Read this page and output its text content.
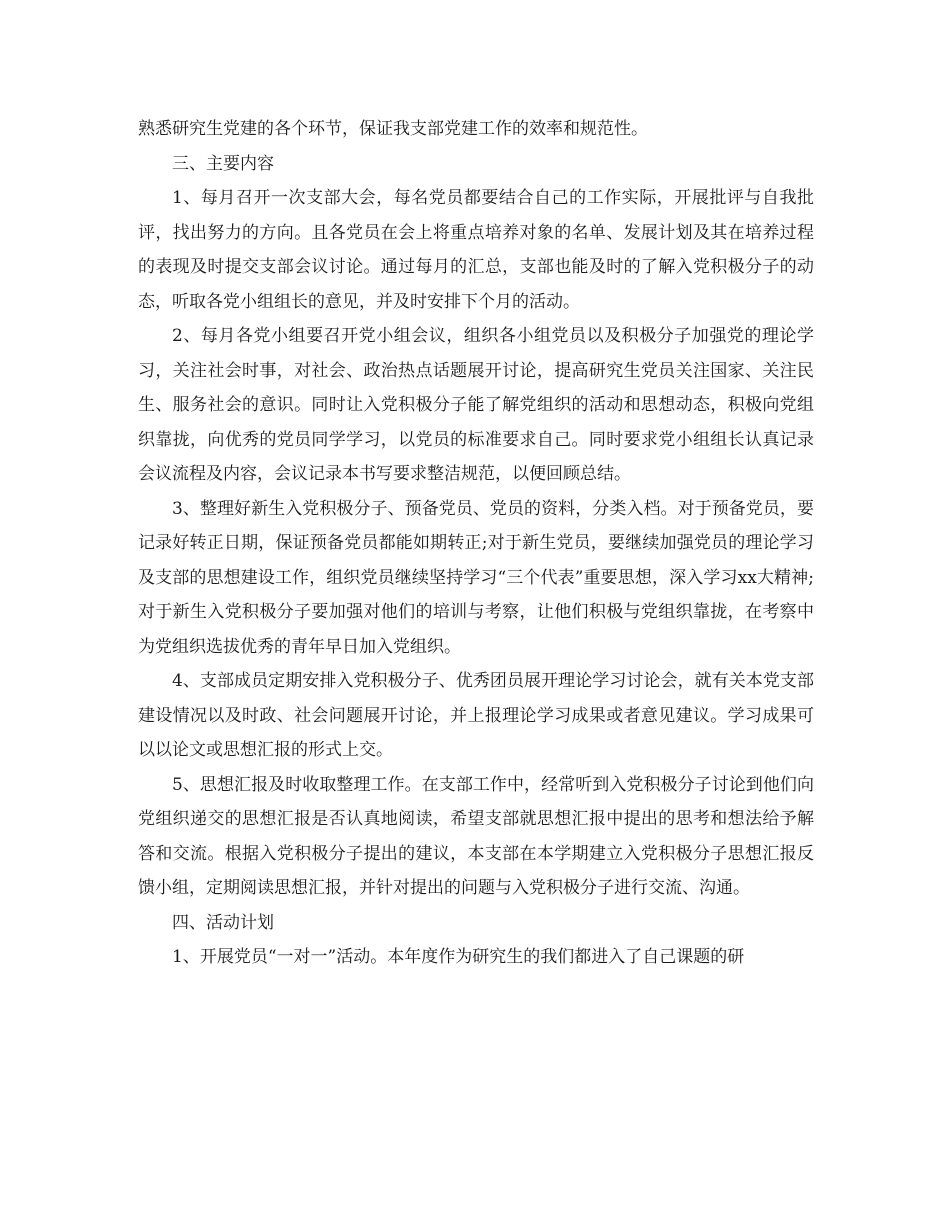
熟悉研究生党建的各个环节，保证我支部党建工作的效率和规范性。

三、主要内容

1、每月召开一次支部大会，每名党员都要结合自己的工作实际，开展批评与自我批评，找出努力的方向。且各党员在会上将重点培养对象的名单、发展计划及其在培养过程的表现及时提交支部会议讨论。通过每月的汇总，支部也能及时的了解入党积极分子的动态，听取各党小组组长的意见，并及时安排下个月的活动。

2、每月各党小组要召开党小组会议，组织各小组党员以及积极分子加强党的理论学习，关注社会时事，对社会、政治热点话题展开讨论，提高研究生党员关注国家、关注民生、服务社会的意识。同时让入党积极分子能了解党组织的活动和思想动态，积极向党组织靠拢，向优秀的党员同学学习，以党员的标准要求自己。同时要求党小组组长认真记录会议流程及内容，会议记录本书写要求整洁规范，以便回顾总结。

3、整理好新生入党积极分子、预备党员、党员的资料，分类入档。对于预备党员，要记录好转正日期，保证预备党员都能如期转正;对于新生党员，要继续加强党员的理论学习及支部的思想建设工作，组织党员继续坚持学习“三个代表”重要思想，深入学习xx大精神;对于新生入党积极分子要加强对他们的培训与考察，让他们积极与党组织靠拢，在考察中为党组织选拔优秀的青年早日加入党组织。

4、支部成员定期安排入党积极分子、优秀团员展开理论学习讨论会，就有关本党支部建设情况以及时政、社会问题展开讨论，并上报理论学习成果或者意见建议。学习成果可以以论文或思想汇报的形式上交。

5、思想汇报及时收取整理工作。在支部工作中，经常听到入党积极分子讨论到他们向党组织递交的思想汇报是否认真地阅读，希望支部就思想汇报中提出的思考和想法给予解答和交流。根据入党积极分子提出的建议，本支部在本学期建立入党积极分子思想汇报反馈小组，定期阅读思想汇报，并针对提出的问题与入党积极分子进行交流、沟通。

四、活动计划

1、开展党员“一对一”活动。本年度作为研究生的我们都进入了自己课题的研
